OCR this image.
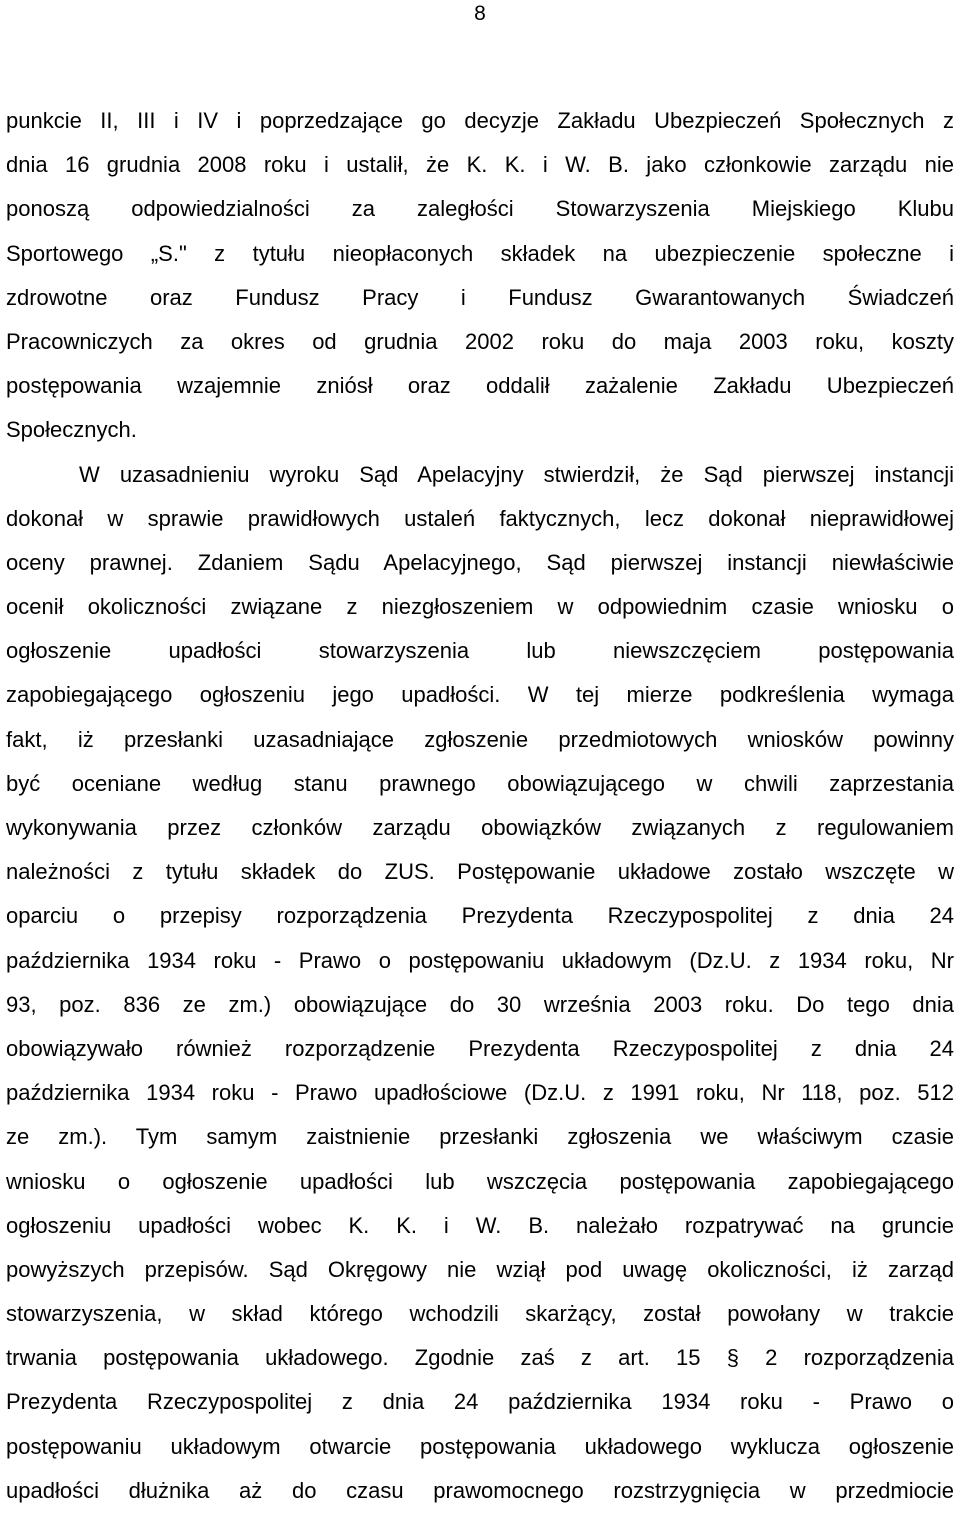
8
punkcie II, III i IV i poprzedzające go decyzje Zakładu Ubezpieczeń Społecznych z
dnia 16 grudnia 2008 roku i ustalił, że K. K. i W. B. jako członkowie zarządu nie
ponoszą odpowiedzialności za zaległości Stowarzyszenia Miejskiego Klubu
Sportowego „S." z tytułu nieopłaconych składek na ubezpieczenie społeczne i
zdrowotne oraz Fundusz Pracy i Fundusz Gwarantowanych Świadczeń
Pracowniczych za okres od grudnia 2002 roku do maja 2003 roku, koszty
postępowania wzajemnie zniósł oraz oddalił zażalenie Zakładu Ubezpieczeń
Społecznych.
W uzasadnieniu wyroku Sąd Apelacyjny stwierdził, że Sąd pierwszej instancji
dokonał w sprawie prawidłowych ustaleń faktycznych, lecz dokonał nieprawidłowej
oceny prawnej. Zdaniem Sądu Apelacyjnego, Sąd pierwszej instancji niewłaściwie
ocenił okoliczności związane z niezgłoszeniem w odpowiednim czasie wniosku o
ogłoszenie upadłości stowarzyszenia lub niewszczęciem postępowania
zapobiegającego ogłoszeniu jego upadłości. W tej mierze podkreślenia wymaga
fakt, iż przesłanki uzasadniające zgłoszenie przedmiotowych wniosków powinny
być oceniane według stanu prawnego obowiązującego w chwili zaprzestania
wykonywania przez członków zarządu obowiązków związanych z regulowaniem
należności z tytułu składek do ZUS. Postępowanie układowe zostało wszczęte w
oparciu o przepisy rozporządzenia Prezydenta Rzeczypospolitej z dnia 24
października 1934 roku - Prawo o postępowaniu układowym (Dz.U. z 1934 roku, Nr
93, poz. 836 ze zm.) obowiązujące do 30 września 2003 roku. Do tego dnia
obowiązywało również rozporządzenie Prezydenta Rzeczypospolitej z dnia 24
października 1934 roku - Prawo upadłościowe (Dz.U. z 1991 roku, Nr 118, poz. 512
ze zm.). Tym samym zaistnienie przesłanki zgłoszenia we właściwym czasie
wniosku o ogłoszenie upadłości lub wszczęcia postępowania zapobiegającego
ogłoszeniu upadłości wobec K. K. i W. B. należało rozpatrywać na gruncie
powyższych przepisów. Sąd Okręgowy nie wziął pod uwagę okoliczności, iż zarząd
stowarzyszenia, w skład którego wchodzili skarżący, został powołany w trakcie
trwania postępowania układowego. Zgodnie zaś z art. 15 § 2 rozporządzenia
Prezydenta Rzeczypospolitej z dnia 24 października 1934 roku - Prawo o
postępowaniu układowym otwarcie postępowania układowego wyklucza ogłoszenie
upadłości dłużnika aż do czasu prawomocnego rozstrzygnięcia w przedmiocie
